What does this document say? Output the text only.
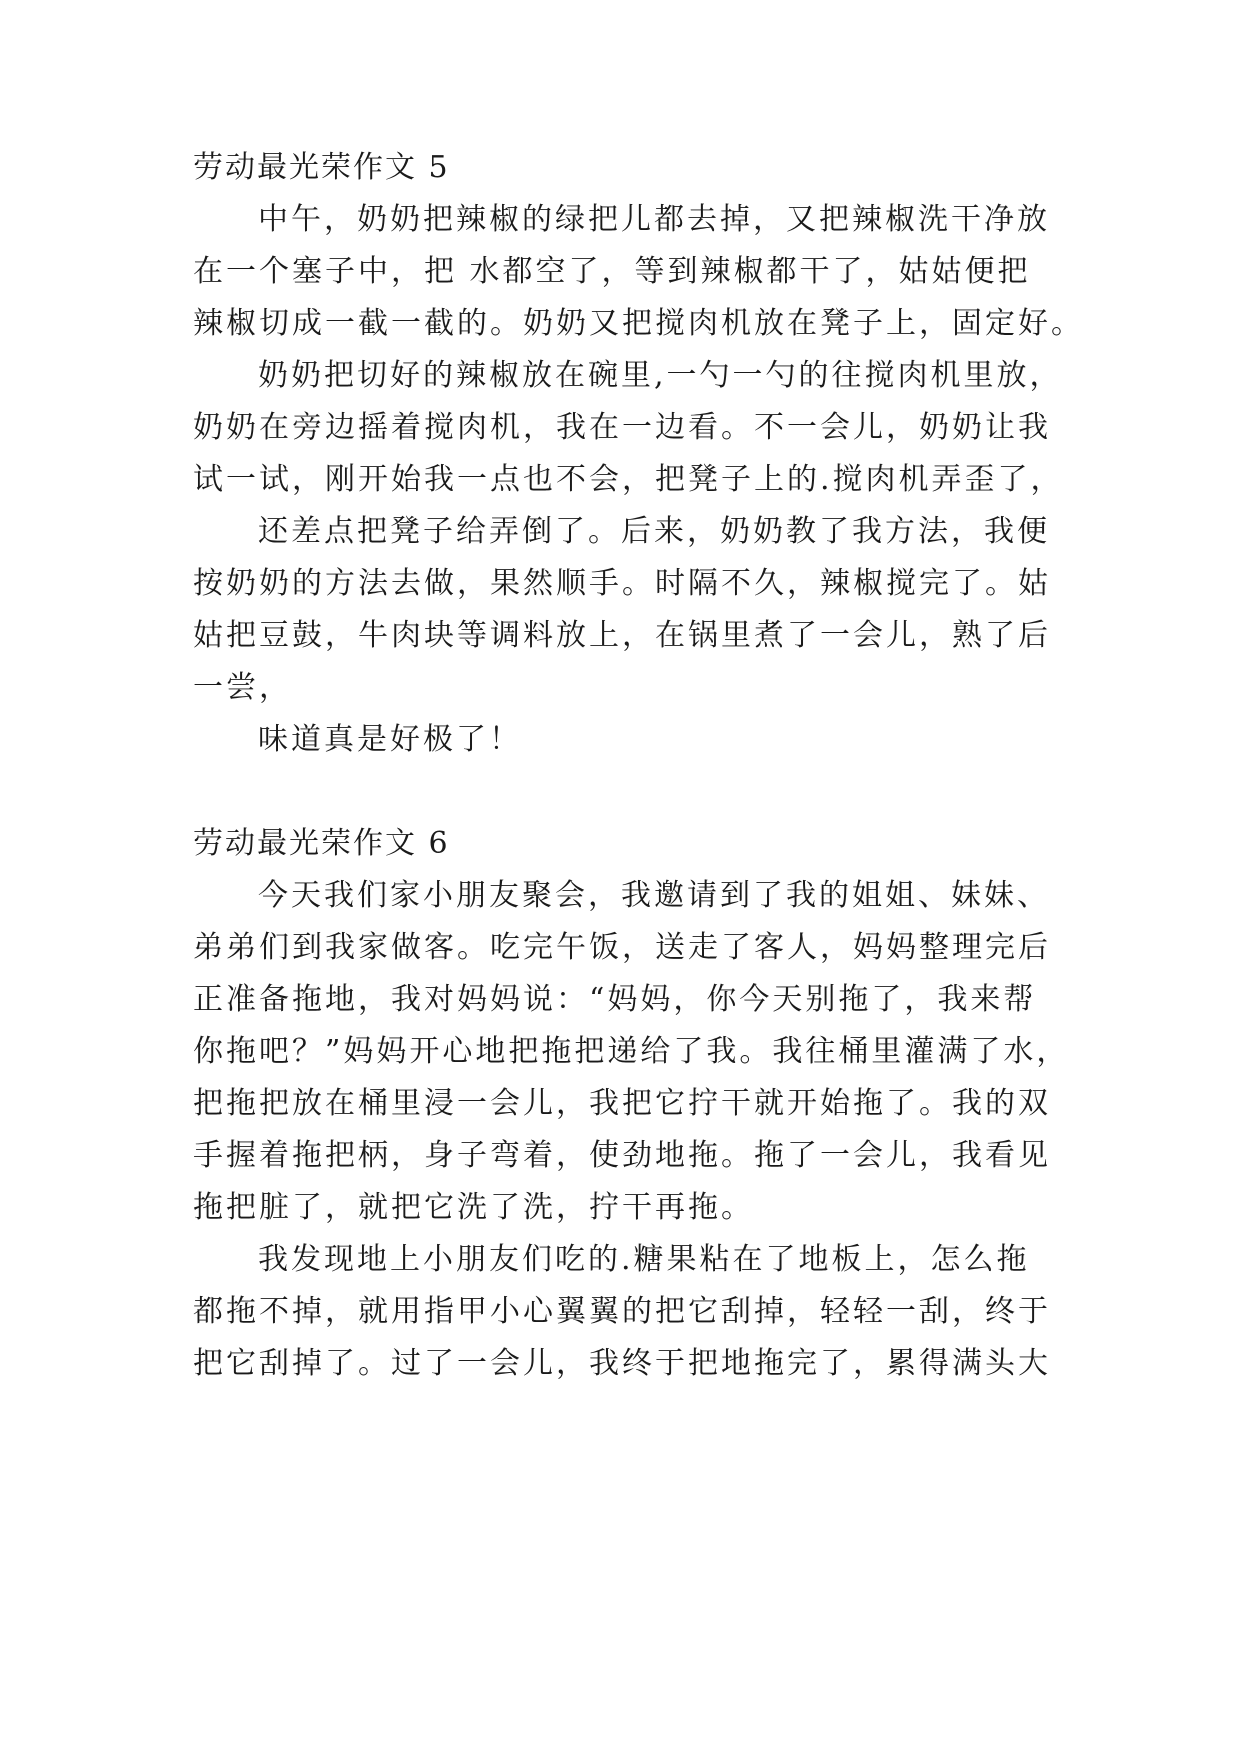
劳动最光荣作文 5
中午，奶奶把辣椒的绿把儿都去掉，又把辣椒洗干净放
在一个塞子中，把 水都空了，等到辣椒都干了，姑姑便把
辣椒切成一截一截的。奶奶又把搅肉机放在凳子上，固定好。
奶奶把切好的辣椒放在碗里,一勺一勺的往搅肉机里放，
奶奶在旁边摇着搅肉机，我在一边看。不一会儿，奶奶让我
试一试，刚开始我一点也不会，把凳子上的.搅肉机弄歪了，
还差点把凳子给弄倒了。后来，奶奶教了我方法，我便
按奶奶的方法去做，果然顺手。时隔不久，辣椒搅完了。姑
姑把豆鼓，牛肉块等调料放上，在锅里煮了一会儿，熟了后
一尝，
味道真是好极了！
劳动最光荣作文 6
今天我们家小朋友聚会，我邀请到了我的姐姐、妹妹、
弟弟们到我家做客。吃完午饭，送走了客人，妈妈整理完后
正准备拖地，我对妈妈说：“妈妈，你今天别拖了，我来帮
你拖吧？”妈妈开心地把拖把递给了我。我往桶里灌满了水，
把拖把放在桶里浸一会儿，我把它拧干就开始拖了。我的双
手握着拖把柄，身子弯着，使劲地拖。拖了一会儿，我看见
拖把脏了，就把它洗了洗，拧干再拖。
我发现地上小朋友们吃的.糖果粘在了地板上，怎么拖
都拖不掉，就用指甲小心翼翼的把它刮掉，轻轻一刮，终于
把它刮掉了。过了一会儿，我终于把地拖完了，累得满头大
